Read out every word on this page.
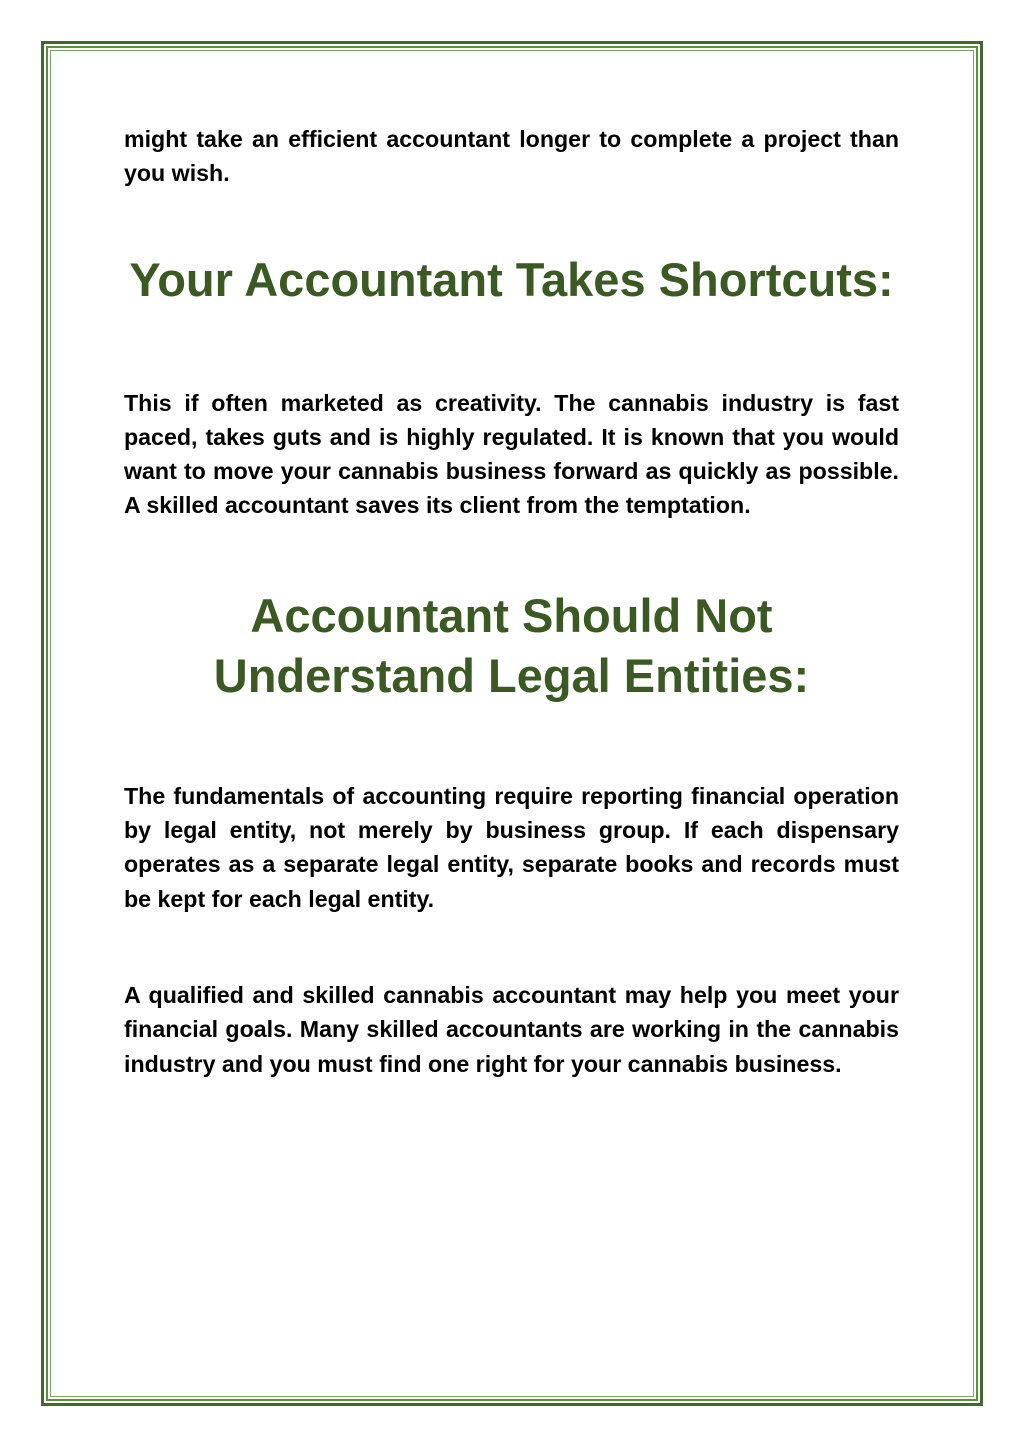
might take an efficient accountant longer to complete a project than you wish.

Your Accountant Takes Shortcuts:

This if often marketed as creativity. The cannabis industry is fast paced, takes guts and is highly regulated. It is known that you would want to move your cannabis business forward as quickly as possible. A skilled accountant saves its client from the temptation.

Accountant Should Not Understand Legal Entities:

The fundamentals of accounting require reporting financial operation by legal entity, not merely by business group. If each dispensary operates as a separate legal entity, separate books and records must be kept for each legal entity.

A qualified and skilled cannabis accountant may help you meet your financial goals. Many skilled accountants are working in the cannabis industry and you must find one right for your cannabis business.
